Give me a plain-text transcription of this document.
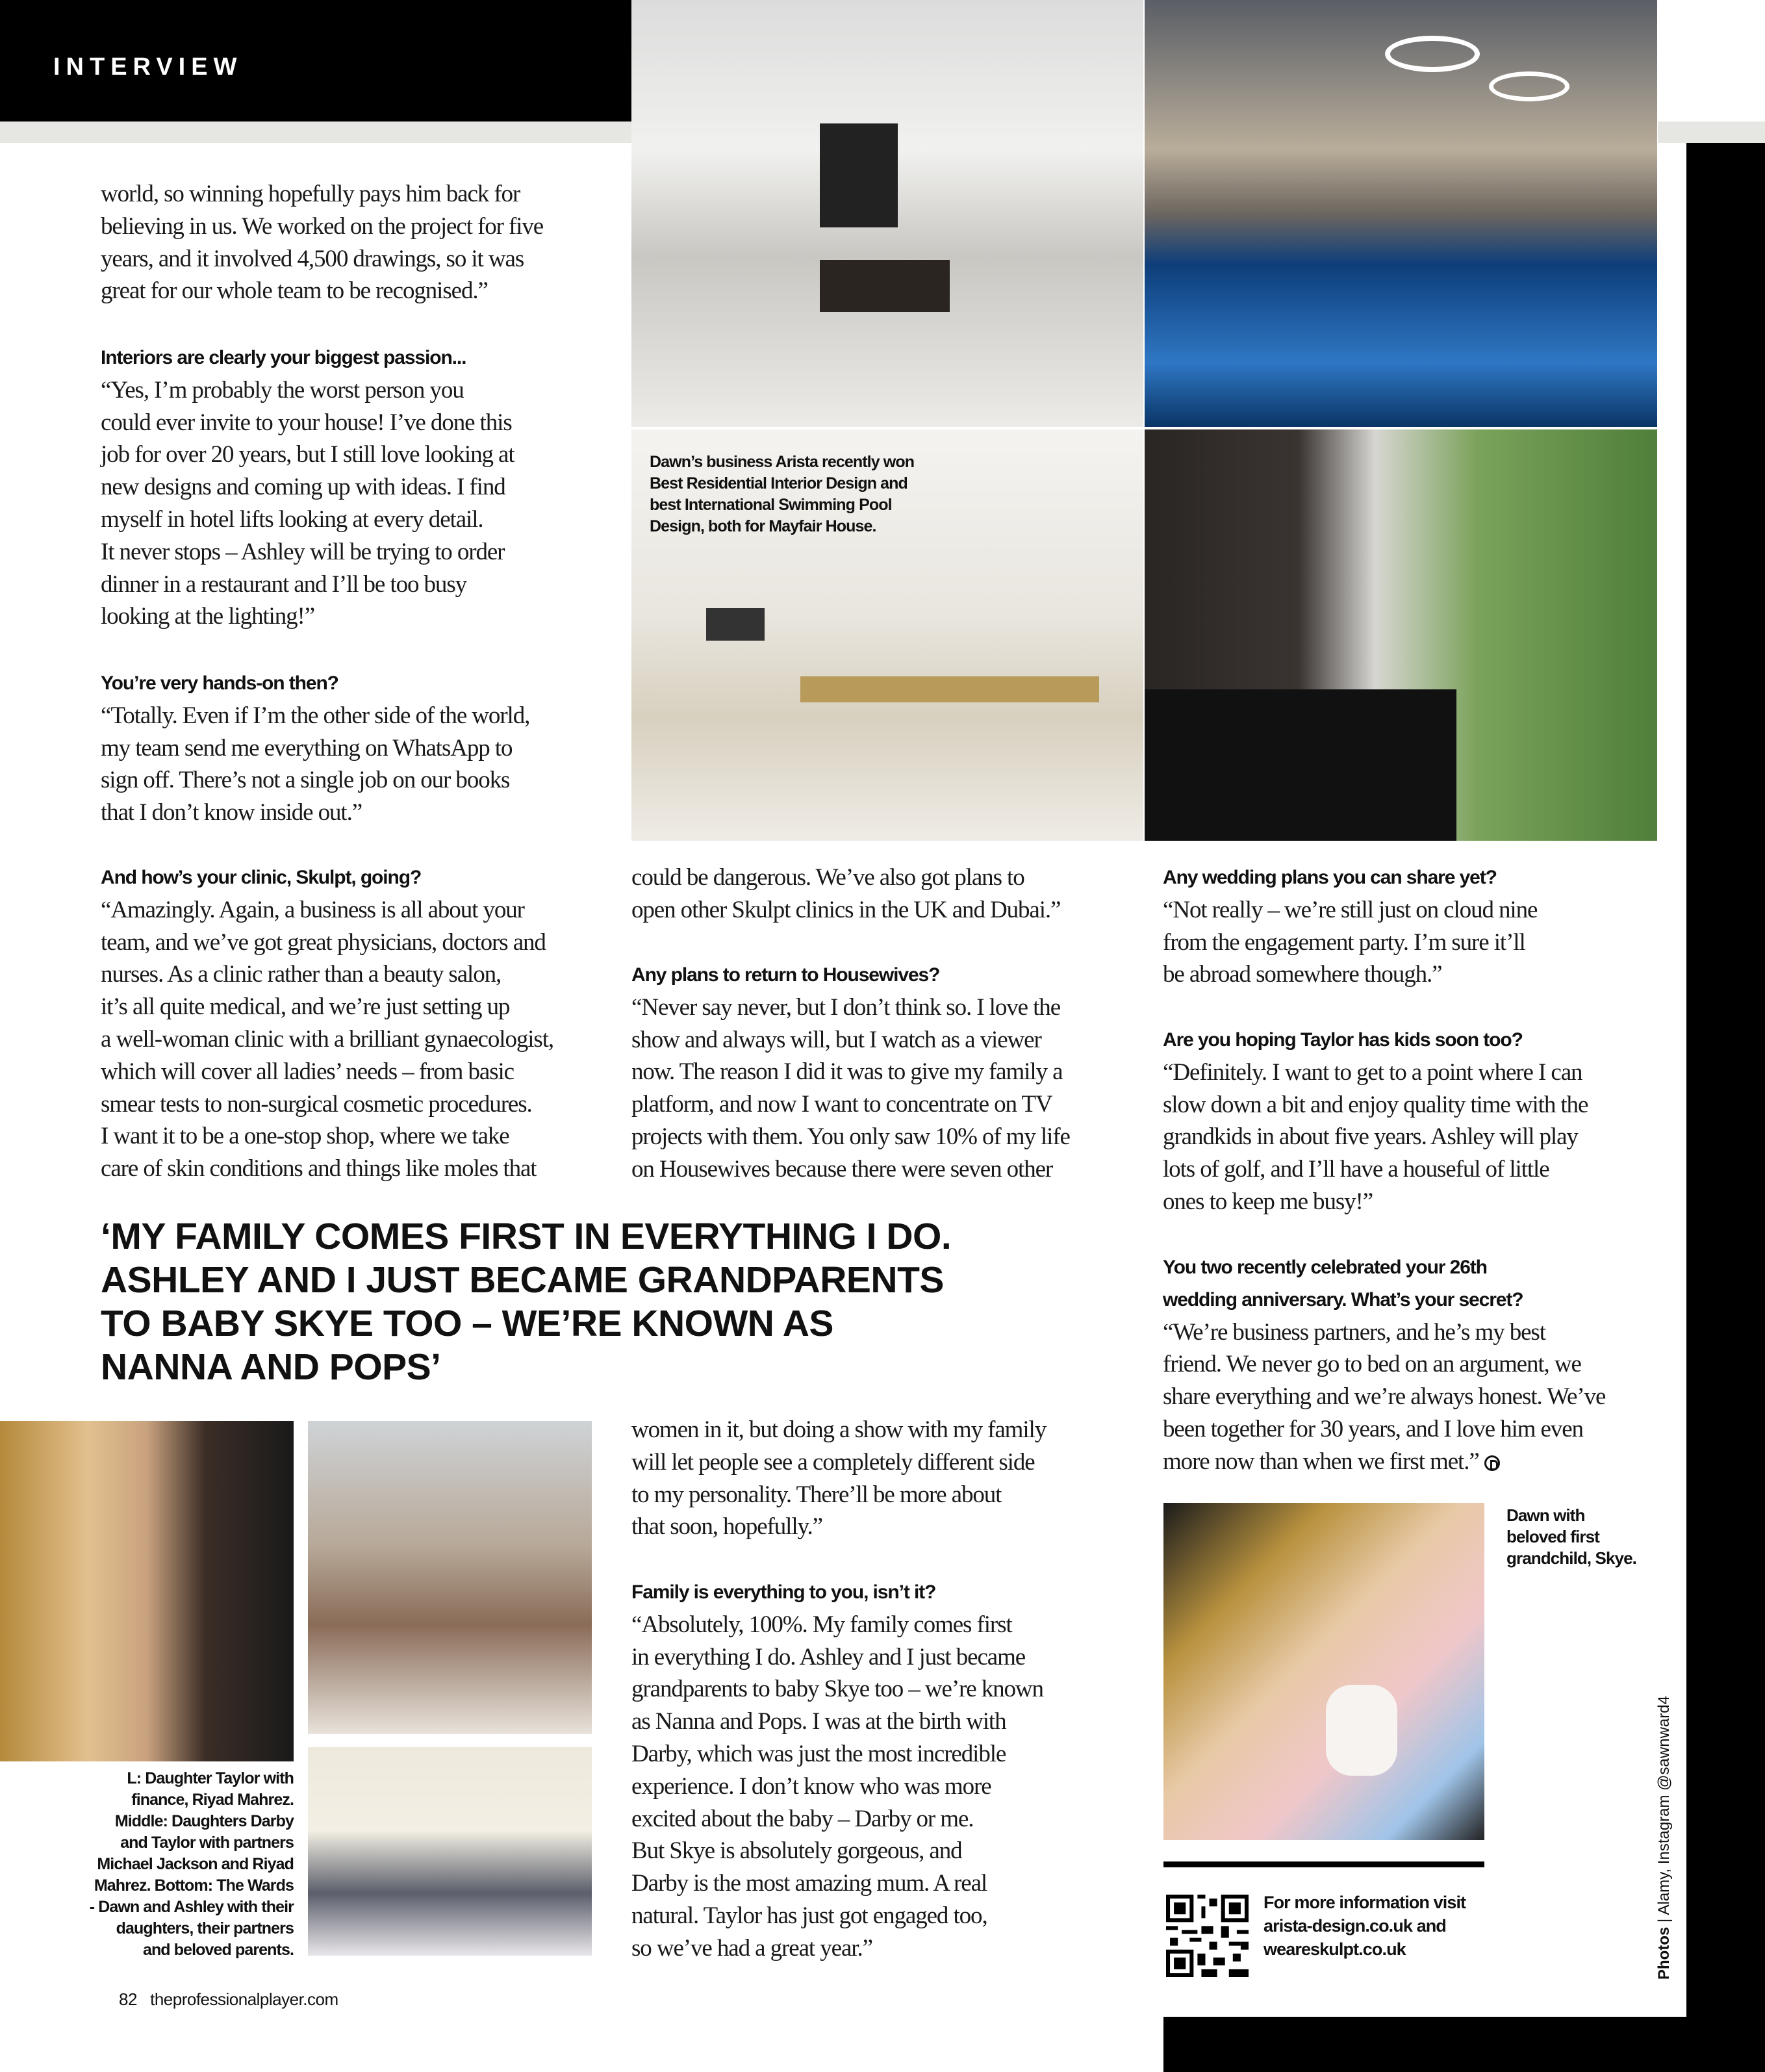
INTERVIEW
Dawn’s business Arista recently won
Best Residential Interior Design and
best International Swimming Pool
Design, both for Mayfair House.
world, so winning hopefully pays him back for
believing in us. We worked on the project for five
years, and it involved 4,500 drawings, so it was
great for our whole team to be recognised.”
Interiors are clearly your biggest passion...
“Yes, I’m probably the worst person you
could ever invite to your house! I’ve done this
job for over 20 years, but I still love looking at
new designs and coming up with ideas. I find
myself in hotel lifts looking at every detail.
It never stops – Ashley will be trying to order
dinner in a restaurant and I’ll be too busy
looking at the lighting!”
You’re very hands-on then?
“Totally. Even if I’m the other side of the world,
my team send me everything on WhatsApp to
sign off. There’s not a single job on our books
that I don’t know inside out.”
And how’s your clinic, Skulpt, going?
“Amazingly. Again, a business is all about your
team, and we’ve got great physicians, doctors and
nurses. As a clinic rather than a beauty salon,
it’s all quite medical, and we’re just setting up
a well-woman clinic with a brilliant gynaecologist,
which will cover all ladies’ needs – from basic
smear tests to non-surgical cosmetic procedures.
I want it to be a one-stop shop, where we take
care of skin conditions and things like moles that
could be dangerous. We’ve also got plans to
open other Skulpt clinics in the UK and Dubai.”
Any plans to return to Housewives?
“Never say never, but I don’t think so. I love the
show and always will, but I watch as a viewer
now. The reason I did it was to give my family a
platform, and now I want to concentrate on TV
projects with them. You only saw 10% of my life
on Housewives because there were seven other
women in it, but doing a show with my family
will let people see a completely different side
to my personality. There’ll be more about
that soon, hopefully.”
Family is everything to you, isn’t it?
“Absolutely, 100%. My family comes first
in everything I do. Ashley and I just became
grandparents to baby Skye too – we’re known
as Nanna and Pops. I was at the birth with
Darby, which was just the most incredible
experience. I don’t know who was more
excited about the baby – Darby or me.
But Skye is absolutely gorgeous, and
Darby is the most amazing mum. A real
natural. Taylor has just got engaged too,
so we’ve had a great year.”
Any wedding plans you can share yet?
“Not really – we’re still just on cloud nine
from the engagement party. I’m sure it’ll
be abroad somewhere though.”
Are you hoping Taylor has kids soon too?
“Definitely. I want to get to a point where I can
slow down a bit and enjoy quality time with the
grandkids in about five years. Ashley will play
lots of golf, and I’ll have a houseful of little
ones to keep me busy!”
You two recently celebrated your 26th
wedding anniversary. What’s your secret?
“We’re business partners, and he’s my best
friend. We never go to bed on an argument, we
share everything and we’re always honest. We’ve
been together for 30 years, and I love him even
more now than when we first met.”
‘MY FAMILY COMES FIRST IN EVERYTHING I DO.
ASHLEY AND I JUST BECAME GRANDPARENTS
TO BABY SKYE TOO – WE’RE KNOWN AS
NANNA AND POPS’
L: Daughter Taylor with
finance, Riyad Mahrez.
Middle: Daughters Darby
and Taylor with partners
Michael Jackson and Riyad
Mahrez. Bottom: The Wards
- Dawn and Ashley with their
daughters, their partners
and beloved parents.
82 theprofessionalplayer.com
Dawn with
beloved first
grandchild, Skye.
For more information visit
arista-design.co.uk and
weareskulpt.co.uk	Photos | Alamy, Instagram @sawnward4
